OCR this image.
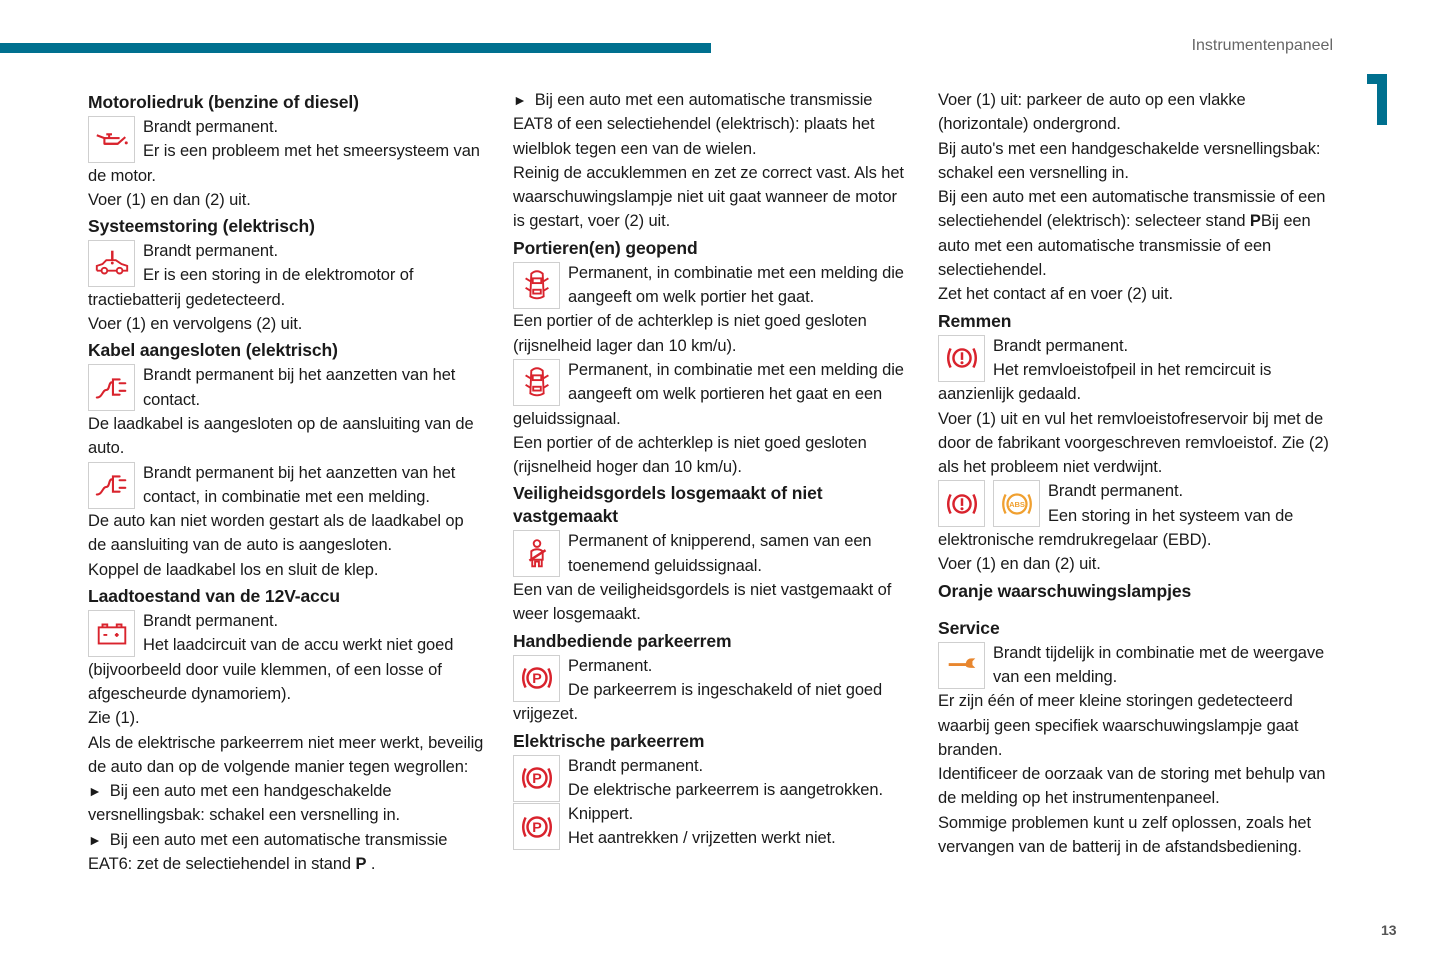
Instrumentenpaneel
13
Motoroliedruk (benzine of diesel)

Brandt permanent.

Er is een probleem met het smeersysteem van de motor.

Voer (1) en dan (2) uit.

Systeemstoring (elektrisch)

Brandt permanent.

Er is een storing in de elektromotor of tractiebatterij gedetecteerd.

Voer (1) en vervolgens (2) uit.

Kabel aangesloten (elektrisch)

Brandt permanent bij het aanzetten van het contact.

De laadkabel is aangesloten op de aansluiting van de auto.

Brandt permanent bij het aanzetten van het contact, in combinatie met een melding.

De auto kan niet worden gestart als de laadkabel op de aansluiting van de auto is aangesloten.

Koppel de laadkabel los en sluit de klep.

Laadtoestand van de 12V-accu

Brandt permanent.

Het laadcircuit van de accu werkt niet goed (bijvoorbeeld door vuile klemmen, of een losse of afgescheurde dynamoriem).

Zie (1).

Als de elektrische parkeerrem niet meer werkt, beveilig de auto dan op de volgende manier tegen wegrollen:

► Bij een auto met een handgeschakelde versnellingsbak: schakel een versnelling in.

► Bij een auto met een automatische transmissie EAT6: zet de selectiehendel in stand P .

► Bij een auto met een automatische transmissie EAT8 of een selectiehendel (elektrisch): plaats het wielblok tegen een van de wielen.

Reinig de accuklemmen en zet ze correct vast. Als het waarschuwingslampje niet uit gaat wanneer de motor is gestart, voer (2) uit.

Portieren(en) geopend

Permanent, in combinatie met een melding die aangeeft om welk portier het gaat.

Een portier of de achterklep is niet goed gesloten (rijsnelheid lager dan 10 km/u).

Permanent, in combinatie met een melding die aangeeft om welk portieren het gaat en een geluidssignaal.

Een portier of de achterklep is niet goed gesloten (rijsnelheid hoger dan 10 km/u).

Veiligheidsgordels losgemaakt of niet vastgemaakt

Permanent of knipperend, samen van een toenemend geluidssignaal.

Een van de veiligheidsgordels is niet vastgemaakt of weer losgemaakt.

Handbediende parkeerrem
P

Permanent.

De parkeerrem is ingeschakeld of niet goed vrijgezet.

Elektrische parkeerrem
P

Brandt permanent.

De elektrische parkeerrem is aangetrokken.

P

Knippert.

Het aantrekken / vrijzetten werkt niet.

Voer (1) uit: parkeer de auto op een vlakke (horizontale) ondergrond.

Bij auto's met een handgeschakelde versnellingsbak: schakel een versnelling in.

Bij een auto met een automatische transmissie of een selectiehendel (elektrisch): selecteer stand PBij een auto met een automatische transmissie of een selectiehendel.

Zet het contact af en voer (2) uit.

Remmen

Brandt permanent.

Het remvloeistofpeil in het remcircuit is aanzienlijk gedaald.

Voer (1) uit en vul het remvloeistofreservoir bij met de door de fabrikant voorgeschreven remvloeistof. Zie (2) als het probleem niet verdwijnt.

ABS

Brandt permanent.

Een storing in het systeem van de elektronische remdrukregelaar (EBD).

Voer (1) en dan (2) uit.

Oranje waarschuwingslampjes
Service

Brandt tijdelijk in combinatie met de weergave van een melding.

Er zijn één of meer kleine storingen gedetecteerd waarbij geen specifiek waarschuwingslampje gaat branden.

Identificeer de oorzaak van de storing met behulp van de melding op het instrumentenpaneel.

Sommige problemen kunt u zelf oplossen, zoals het vervangen van de batterij in de afstandsbediening.
